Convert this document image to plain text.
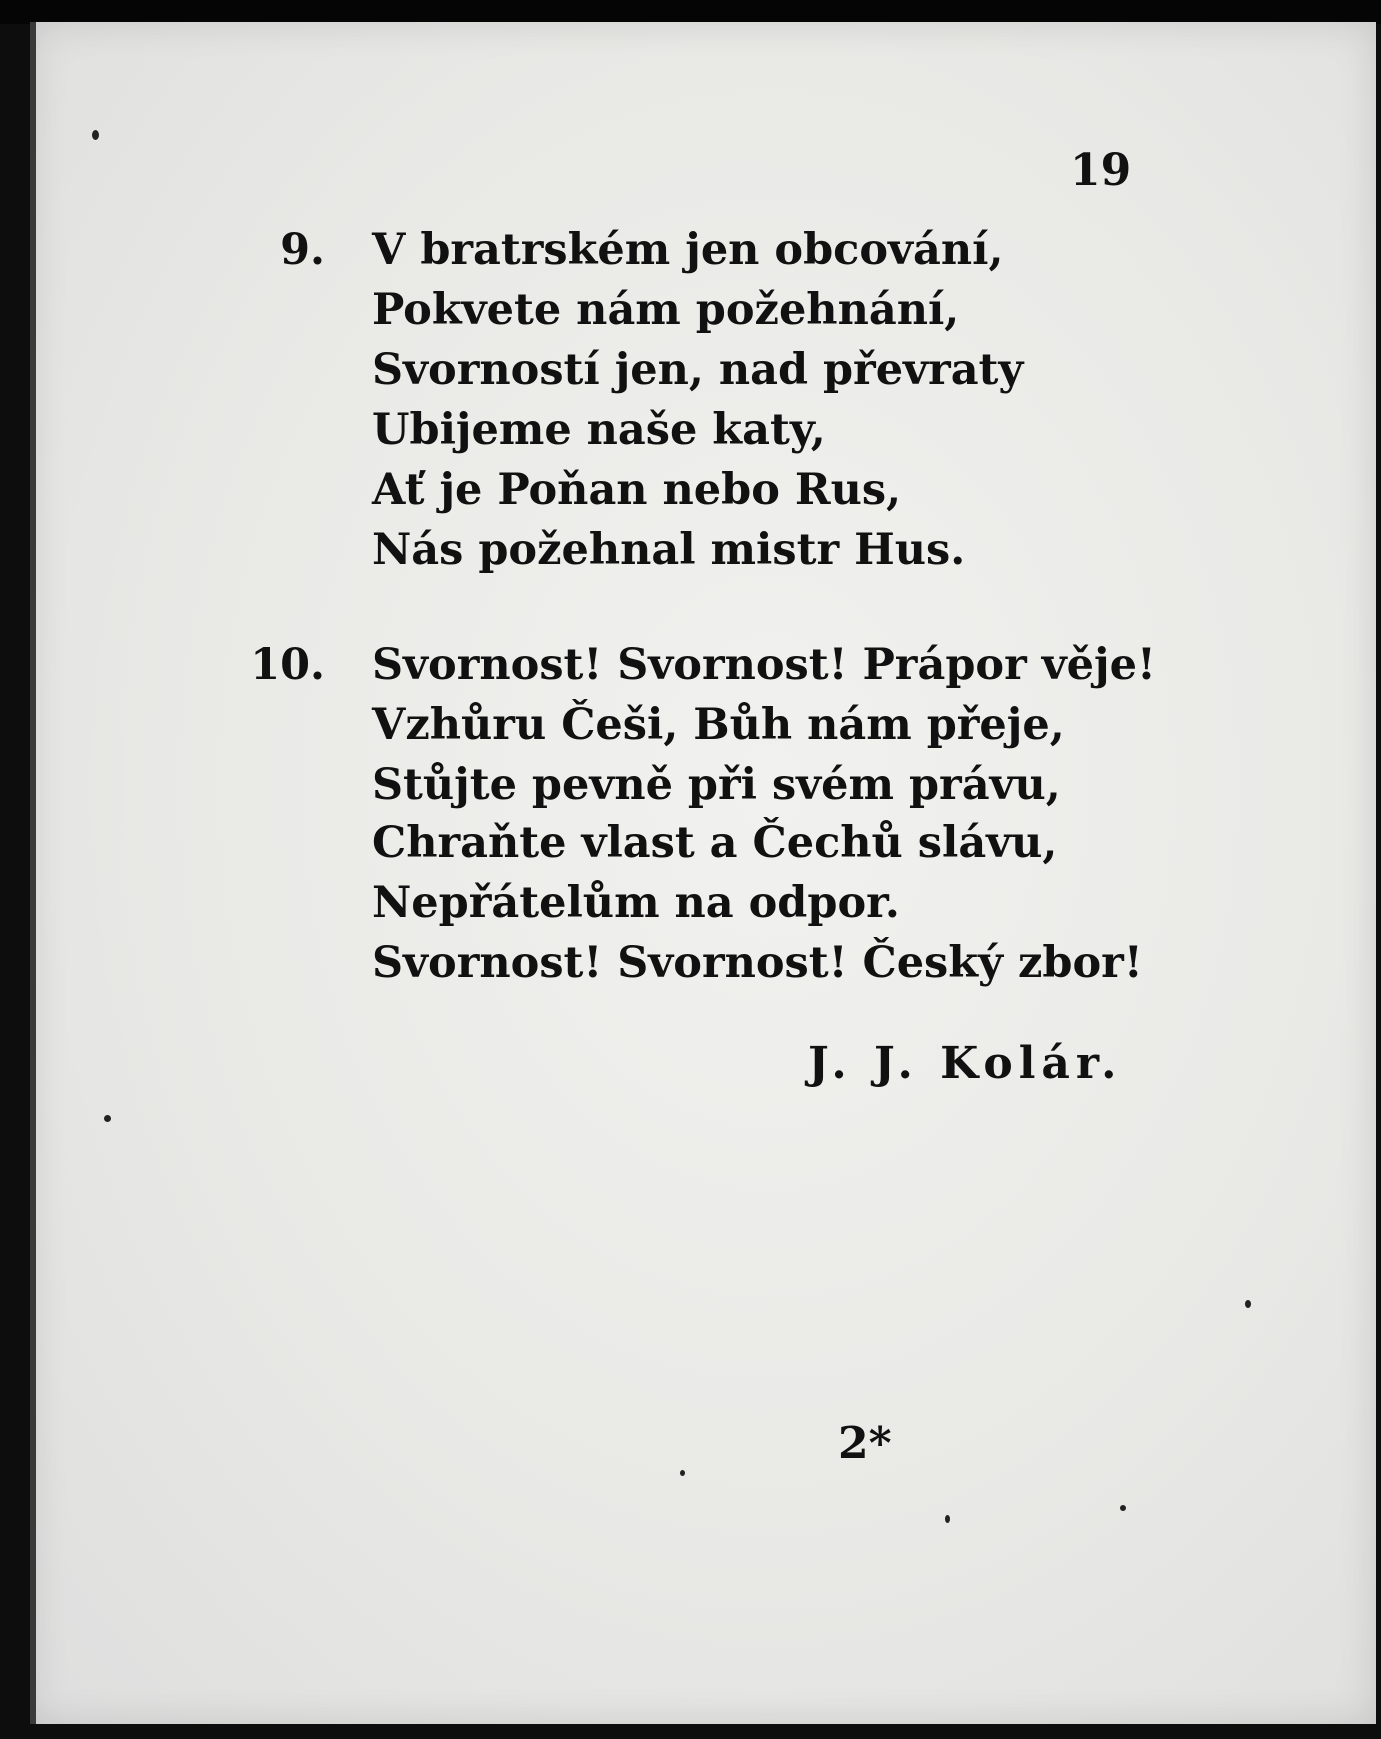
19
9. V bratrském jen obcování,
Pokvete nám požehnání,
Svorností jen, nad převraty
Ubijeme naše katy,
Ať je Poňan nebo Rus,
Nás požehnal mistr Hus.
10. Svornost! Svornost! Prápor věje!
Vzhůru Češi, Bůh nám přeje,
Stůjte pevně při svém právu,
Chraňte vlast a Čechů slávu,
Nepřátelům na odpor.
Svornost! Svornost! Český zbor!
J. J. Kolár.
2*
